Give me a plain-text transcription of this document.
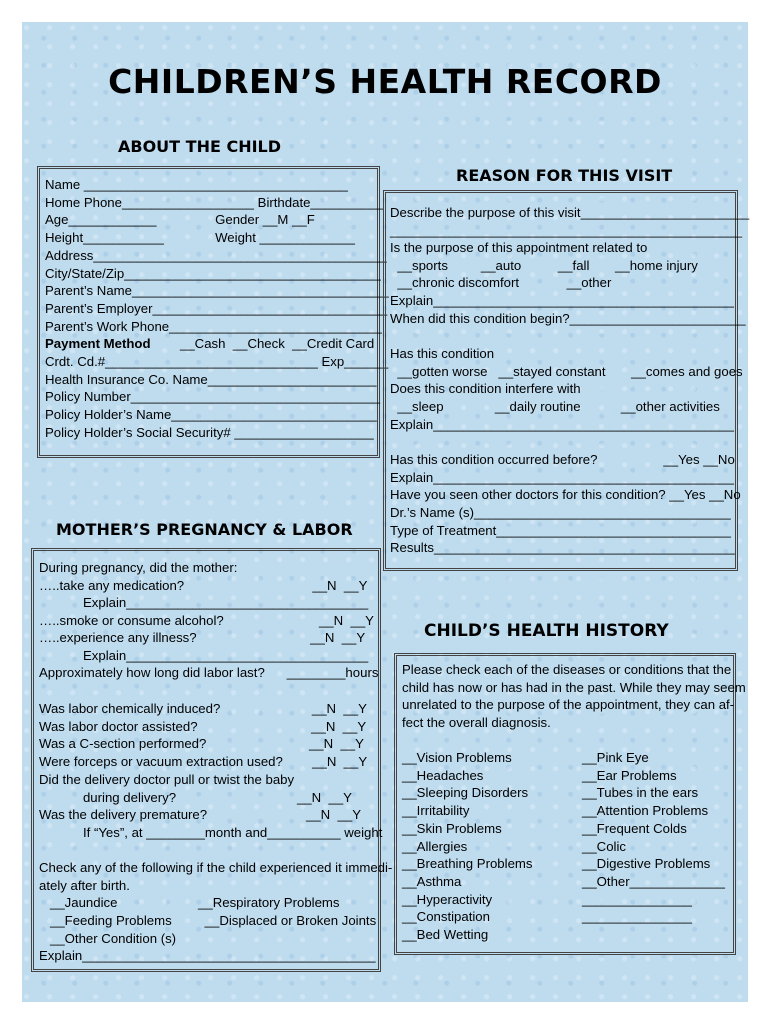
CHILDREN’S HEALTH RECORD
ABOUT THE CHILD
Name ____________________________________
Home Phone__________________ Birthdate__________
Age____________                Gender __M __F
Height___________              Weight _____________
Address________________________________________
City/State/Zip___________________________________
Parent’s Name___________________________________
Parent’s Employer________________________________
Parent’s Work Phone_____________________________
Payment Method __Cash  __Check  __Credit Card
Crdt. Cd.#_____________________________ Exp______
Health Insurance Co. Name_______________________
Policy Number__________________________________
Policy Holder’s Name____________________________
Policy Holder’s Social Security# ___________________
REASON FOR THIS VISIT
Describe the purpose of this visit_______________________
________________________________________________
Is the purpose of this appointment related to
__sports         __auto          __fall       __home injury
__chronic discomfort             __other
Explain_________________________________________
When did this condition begin?________________________
Has this condition
__gotten worse   __stayed constant       __comes and goes
Does this condition interfere with
__sleep              __daily routine           __other activities
Explain_________________________________________
Has this condition occurred before?                  __Yes __No
Explain_________________________________________
Have you seen other doctors for this condition? __Yes __No
Dr.’s Name (s)___________________________________
Type of Treatment________________________________
Results_________________________________________
MOTHER’S PREGNANCY & LABOR
During pregnancy, did the mother:
…..take any medication?                                   __N  __Y
Explain_________________________________
…..smoke or consume alcohol?                          __N  __Y
…..experience any illness?                               __N  __Y
Explain_________________________________
Approximately how long did labor last?      ________hours
Was labor chemically induced?                         __N  __Y
Was labor doctor assisted?                               __N  __Y
Was a C-section performed?                            __N  __Y
Were forceps or vacuum extraction used?        __N  __Y
Did the delivery doctor pull or twist the baby
during delivery?                                 __N  __Y
Was the delivery premature?                           __N  __Y
If “Yes”, at ________month and__________ weight
Check any of the following if the child experienced it immedi-
ately after birth.
__Jaundice                      __Respiratory Problems
__Feeding Problems         __Displaced or Broken Joints
__Other Condition (s)
Explain________________________________________
CHILD’S HEALTH HISTORY
Please check each of the diseases or conditions that the
child has now or has had in the past. While they may seem
unrelated to the purpose of the appointment, they can af-
fect the overall diagnosis.
__Vision Problems
__Headaches
__Sleeping Disorders
__Irritability
__Skin Problems
__Allergies
__Breathing Problems
__Asthma
__Hyperactivity
__Constipation
__Bed Wetting
__Pink Eye
__Ear Problems
__Tubes in the ears
__Attention Problems
__Frequent Colds
__Colic
__Digestive Problems
__Other_____________
_______________
_______________
